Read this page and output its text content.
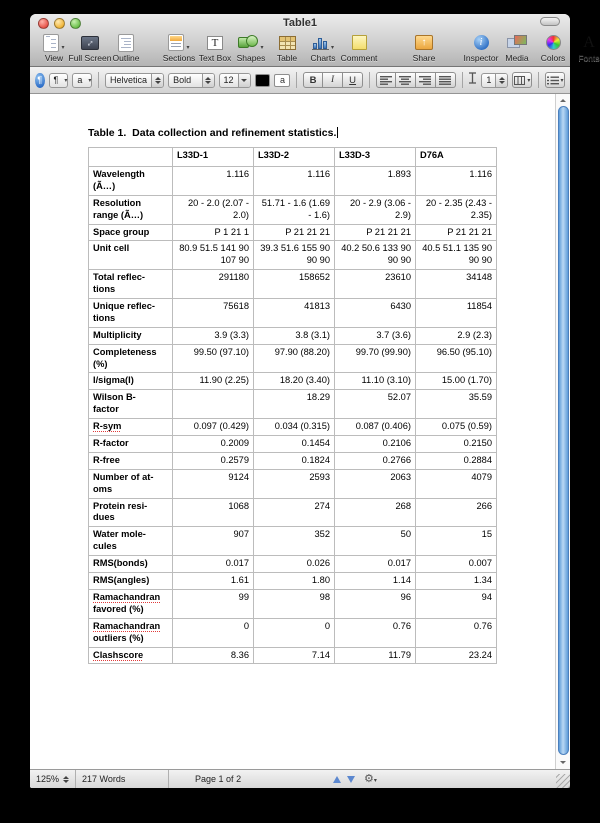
Table1
▾
View
↔
Full Screen Outline
▾
Sections
T
Text Box
▾
Shapes Table
▾
Charts Comment
↑
Share
i
Inspector Media Colors
A
Fonts
¶	¶	▾	a	▾	Helvetica	Bold	12	a	B	I	U	1	▾	▾
Table 1.  Data collection and refinement statistics.
	L33D-1	L33D-2	L33D-3	D76A
Wavelength
(Ã…)	1.116	1.116	1.893	1.116
Resolution
range (Ã…)	20 - 2.0 (2.07 - 2.0)	51.71 - 1.6 (1.69 - 1.6)	20 - 2.9 (3.06 - 2.9)	20 - 2.35 (2.43 - 2.35)
Space group	P 1 21 1	P 21 21 21	P 21 21 21	P 21 21 21
Unit cell	80.9 51.5 141 90 107 90	39.3 51.6 155 90 90 90	40.2 50.6 133 90 90 90	40.5 51.1 135 90 90 90
Total reflec-
tions	291180	158652	23610	34148
Unique reflec-
tions	75618	41813	6430	11854
Multiplicity	3.9 (3.3)	3.8 (3.1)	3.7 (3.6)	2.9 (2.3)
Completeness
(%)	99.50 (97.10)	97.90 (88.20)	99.70 (99.90)	96.50 (95.10)
I/sigma(I)	11.90 (2.25)	18.20 (3.40)	11.10 (3.10)	15.00 (1.70)
Wilson B-
factor		18.29	52.07	35.59
R-sym	0.097 (0.429)	0.034 (0.315)	0.087 (0.406)	0.075 (0.59)
R-factor	0.2009	0.1454	0.2106	0.2150
R-free	0.2579	0.1824	0.2766	0.2884
Number of at-
oms	9124	2593	2063	4079
Protein resi-
dues	1068	274	268	266
Water mole-
cules	907	352	50	15
RMS(bonds)	0.017	0.026	0.017	0.007
RMS(angles)	1.61	1.80	1.14	1.34
Ramachandran
favored (%)	99	98	96	94
Ramachandran
outliers (%)	0	0	0.76	0.76
Clashscore	8.36	7.14	11.79	23.24
125%	217 Words	Page 1 of 2	⚙▾
